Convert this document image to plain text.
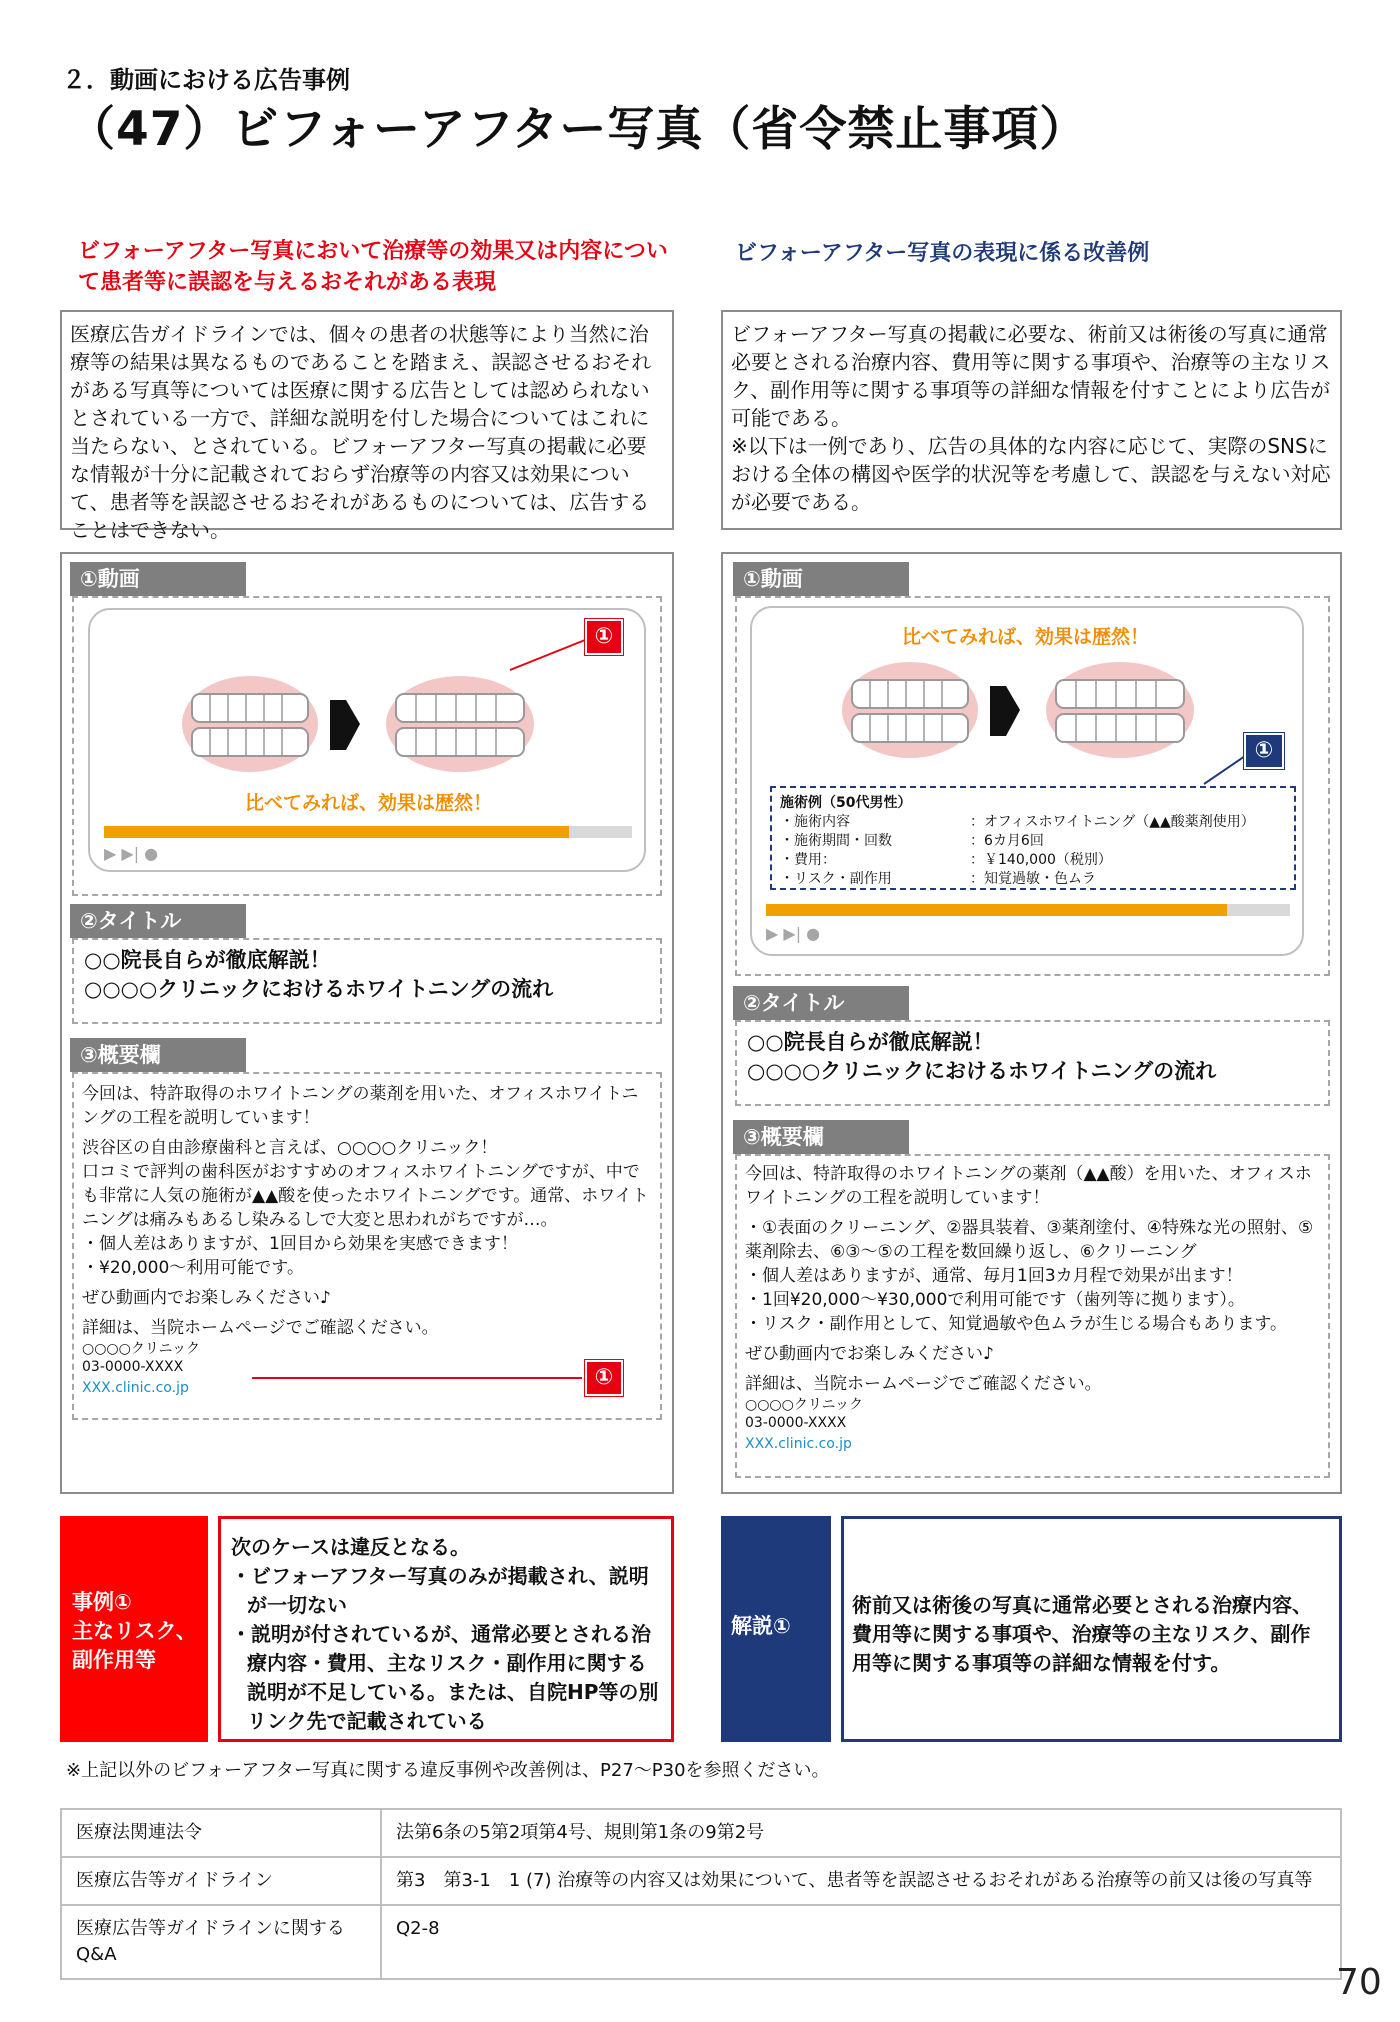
２．動画における広告事例
（47）ビフォーアフター写真（省令禁止事項）
ビフォーアフター写真において治療等の効果又は内容について患者等に誤認を与えるおそれがある表現
ビフォーアフター写真の表現に係る改善例
医療広告ガイドラインでは、個々の患者の状態等により当然に治療等の結果は異なるものであることを踏まえ、誤認させるおそれがある写真等については医療に関する広告としては認められないとされている一方で、詳細な説明を付した場合についてはこれに当たらない、とされている。ビフォーアフター写真の掲載に必要な情報が十分に記載されておらず治療等の内容又は効果について、患者等を誤認させるおそれがあるものについては、広告することはできない。
ビフォーアフター写真の掲載に必要な、術前又は術後の写真に通常必要とされる治療内容、費用等に関する事項や、治療等の主なリスク、副作用等に関する事項等の詳細な情報を付すことにより広告が可能である。
※以下は一例であり、広告の具体的な内容に応じて、実際のSNSにおける全体の構図や医学的状況等を考慮して、誤認を与えない対応が必要である。
①動画
比べてみれば、効果は歴然！
▶ ▶| ●
①
②タイトル
○○院長自らが徹底解説！
○○○○クリニックにおけるホワイトニングの流れ
③概要欄

今回は、特許取得のホワイトニングの薬剤を用いた、オフィスホワイトニングの工程を説明しています！

渋谷区の自由診療歯科と言えば、○○○○クリニック！
口コミで評判の歯科医がおすすめのオフィスホワイトニングですが、中でも非常に人気の施術が▲▲酸を使ったホワイトニングです。通常、ホワイトニングは痛みもあるし染みるしで大変と思われがちですが…。
・個人差はありますが、1回目から効果を実感できます！

・¥20,000～利用可能です。

ぜひ動画内でお楽しみください♪

詳細は、当院ホームページでご確認ください。
○○○○クリニック
03-0000-XXXX
XXX.clinic.co.jp	①
①動画
比べてみれば、効果は歴然！
施術例（50代男性）
・施術内容	：オフィスホワイトニング（▲▲酸薬剤使用）
・施術期間・回数	：6カ月6回
・費用：	：￥140,000（税別）
・リスク・副作用	：知覚過敏・色ムラ
▶ ▶| ●
①
②タイトル
○○院長自らが徹底解説！
○○○○クリニックにおけるホワイトニングの流れ
③概要欄

今回は、特許取得のホワイトニングの薬剤（▲▲酸）を用いた、オフィスホワイトニングの工程を説明しています！

・①表面のクリーニング、②器具装着、③薬剤塗付、④特殊な光の照射、⑤薬剤除去、⑥③～⑤の工程を数回繰り返し、⑥クリーニング
・個人差はありますが、通常、毎月1回3カ月程で効果が出ます！
・1回¥20,000～¥30,000で利用可能です（歯列等に拠ります）。

・リスク・副作用として、知覚過敏や色ムラが生じる場合もあります。

ぜひ動画内でお楽しみください♪

詳細は、当院ホームページでご確認ください。
○○○○クリニック
03-0000-XXXX
XXX.clinic.co.jp
事例①
主なリスク、
副作用等
次のケースは違反となる。
・ビフォーアフター写真のみが掲載され、説明が一切ない
・説明が付されているが、通常必要とされる治療内容・費用、主なリスク・副作用に関する説明が不足している。または、自院HP等の別リンク先で記載されている
解説①
術前又は術後の写真に通常必要とされる治療内容、費用等に関する事項や、治療等の主なリスク、副作用等に関する事項等の詳細な情報を付す。
※上記以外のビフォーアフター写真に関する違反事例や改善例は、P27～P30を参照ください。
医療法関連法令	法第6条の5第2項第4号、規則第1条の9第2号
医療広告等ガイドライン	第3　第3-1　1 (7) 治療等の内容又は効果について、患者等を誤認させるおそれがある治療等の前又は後の写真等
医療広告等ガイドラインに関するQ&A	Q2-8
70
